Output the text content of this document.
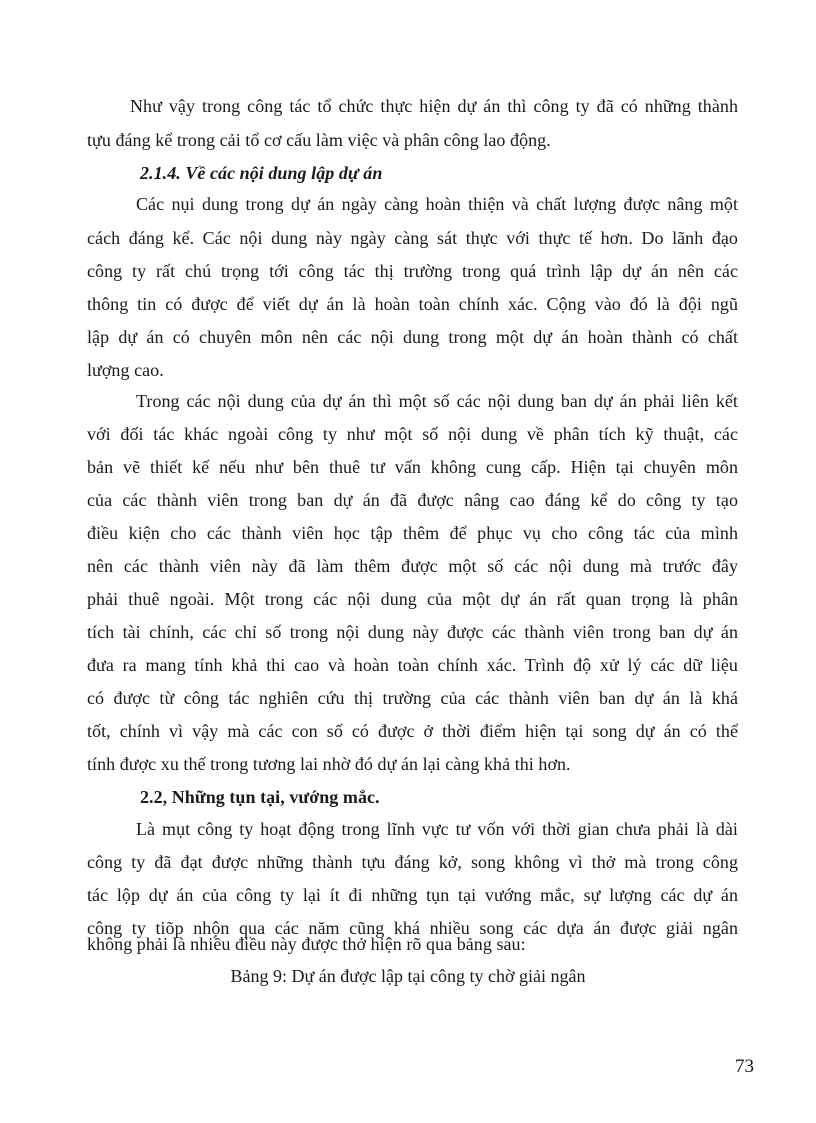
Như vậy trong công tác tổ chức thực hiện dự án thì công ty đã có những thành
tựu đáng kể trong cải tổ cơ cấu làm việc và phân công lao động.
2.1.4. Về các nội dung lập dự án
Các nụi dung trong dự án ngày càng hoàn thiện và chất lượng được nâng một
cách đáng kể. Các nội dung này ngày càng sát thực với thực tế hơn. Do lãnh đạo
công ty rất chú trọng tới công tác thị trường trong quá trình lập dự án nên các
thông tin có được để viết dự án là hoàn toàn chính xác. Cộng vào đó là đội ngũ
lập dự án có chuyên môn nên các nội dung trong một dự án hoàn thành có chất
lượng cao.
Trong các nội dung của dự án thì một số các nội dung ban dự án phải liên kết
với đối tác khác ngoài công ty như một số nội dung về phân tích kỹ thuật, các
bản vẽ thiết kế nếu như bên thuê tư vấn không cung cấp. Hiện tại chuyên môn
của các thành viên trong ban dự án đã được nâng cao đáng kể do công ty tạo
điều kiện cho các thành viên học tập thêm để phục vụ cho công tác của mình
nên các thành viên này đã làm thêm được một số các nội dung mà trước đây
phải thuê ngoài. Một trong các nội dung của một dự án rất quan trọng là phân
tích tài chính, các chỉ số trong nội dung này được các thành viên trong ban dự án
đưa ra mang tính khả thi cao và hoàn toàn chính xác. Trình độ xử lý các dữ liệu
có được từ công tác nghiên cứu thị trường của các thành viên ban dự án là khá
tốt, chính vì vậy mà các con số có được ở thời điểm hiện tại song dự án có thể
tính được xu thế trong tương lai nhờ đó dự án lại càng khả thi hơn.
2.2, Những tụn tại, vướng mắc.
Là mụt công ty hoạt động trong lĩnh vực tư vốn với thời gian chưa phải là dài
công ty đã đạt được những thành tựu đáng kở, song không vì thở mà trong công
tác lộp dự án của công ty lại ít đi những tụn tại vướng mắc, sự lượng các dự án
công ty tiõp nhộn qua các năm cũng khá nhiều song các dựa án được giải ngân
không phải là nhiều điều này được thở hiện rõ qua bảng sau:
Bảng 9: Dự án được lập tại công ty chờ giải ngân
73
